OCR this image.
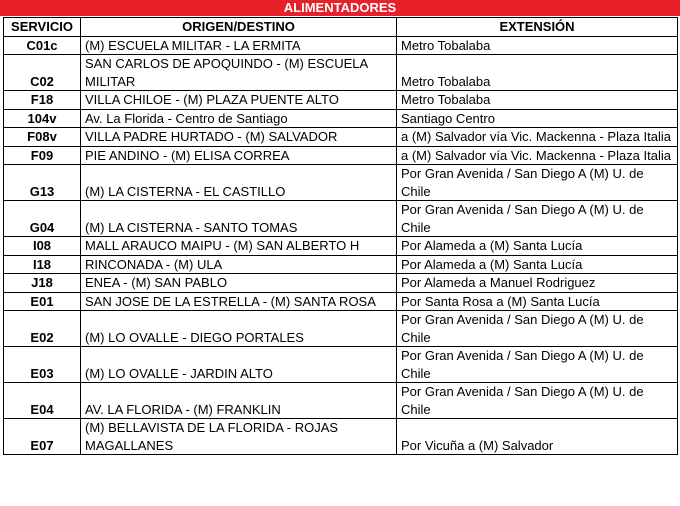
ALIMENTADORES
SERVICIO	ORIGEN/DESTINO	EXTENSIÓN
C01c	(M) ESCUELA MILITAR - LA ERMITA	Metro Tobalaba
C02	SAN CARLOS DE APOQUINDO - (M) ESCUELA MILITAR	Metro Tobalaba
F18	VILLA CHILOE - (M) PLAZA PUENTE ALTO	Metro Tobalaba
104v	Av. La Florida - Centro de Santiago	Santiago Centro
F08v	VILLA PADRE HURTADO - (M) SALVADOR	a (M) Salvador vía Vic. Mackenna - Plaza Italia
F09	PIE ANDINO - (M) ELISA CORREA	a (M) Salvador vía Vic. Mackenna - Plaza Italia
G13	(M) LA CISTERNA - EL CASTILLO	Por Gran Avenida / San Diego A (M) U. de Chile
G04	(M) LA CISTERNA - SANTO TOMAS	Por Gran Avenida / San Diego A (M) U. de Chile
I08	MALL ARAUCO MAIPU - (M) SAN ALBERTO H	Por Alameda a (M) Santa Lucía
I18	RINCONADA - (M) ULA	Por Alameda a (M) Santa Lucía
J18	ENEA - (M) SAN PABLO	Por Alameda a Manuel Rodriguez
E01	SAN JOSE DE LA ESTRELLA - (M) SANTA ROSA	Por Santa Rosa a (M) Santa Lucía
E02	(M) LO OVALLE - DIEGO PORTALES	Por Gran Avenida / San Diego A (M) U. de Chile
E03	(M) LO OVALLE - JARDIN ALTO	Por Gran Avenida / San Diego A (M) U. de Chile
E04	AV. LA FLORIDA - (M) FRANKLIN	Por Gran Avenida / San Diego A (M) U. de Chile
E07	(M) BELLAVISTA DE LA FLORIDA - ROJAS MAGALLANES	Por Vicuña a (M) Salvador
